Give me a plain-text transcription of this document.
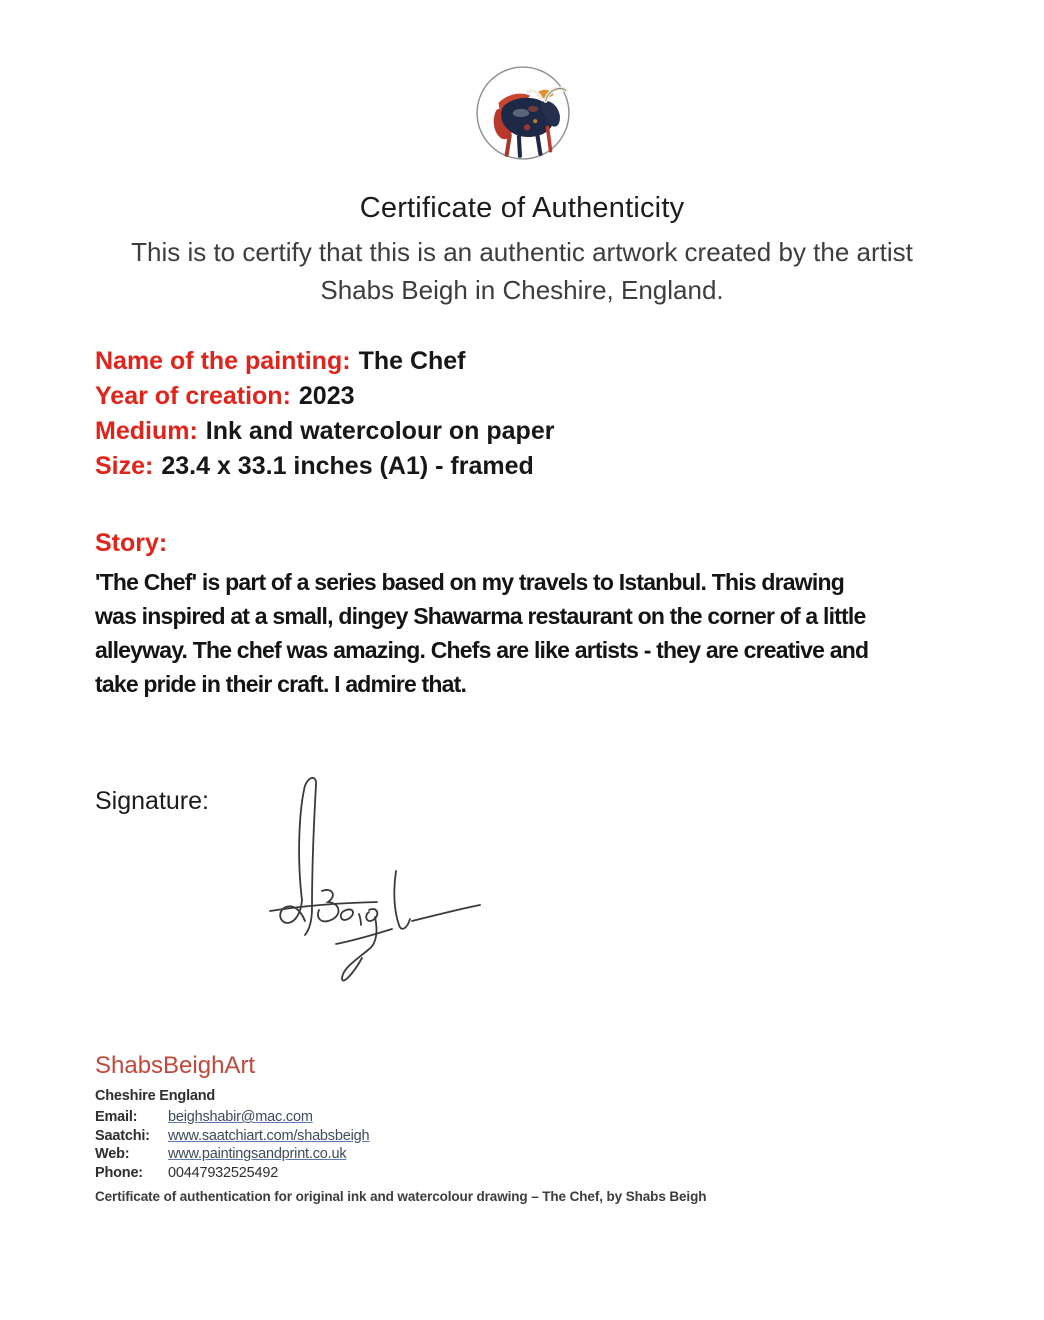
Certificate of Authenticity
This is to certify that this is an authentic artwork created by the artist
Shabs Beigh in Cheshire, England.
Name of the painting: The Chef
Year of creation: 2023
Medium: Ink and watercolour on paper
Size: 23.4 x 33.1 inches (A1) - framed
Story:
'The Chef' is part of a series based on my travels to Istanbul. This drawing
was inspired at a small, dingey Shawarma restaurant on the corner of a little
alleyway. The chef was amazing. Chefs are like artists - they are creative and
take pride in their craft. I admire that.
Signature:
ShabsBeighArt
Cheshire England
Email:	beighshabir@mac.com
Saatchi:	www.saatchiart.com/shabsbeigh
Web:	www.paintingsandprint.co.uk
Phone:	00447932525492
Certificate of authentication for original ink and watercolour drawing – The Chef, by Shabs Beigh
